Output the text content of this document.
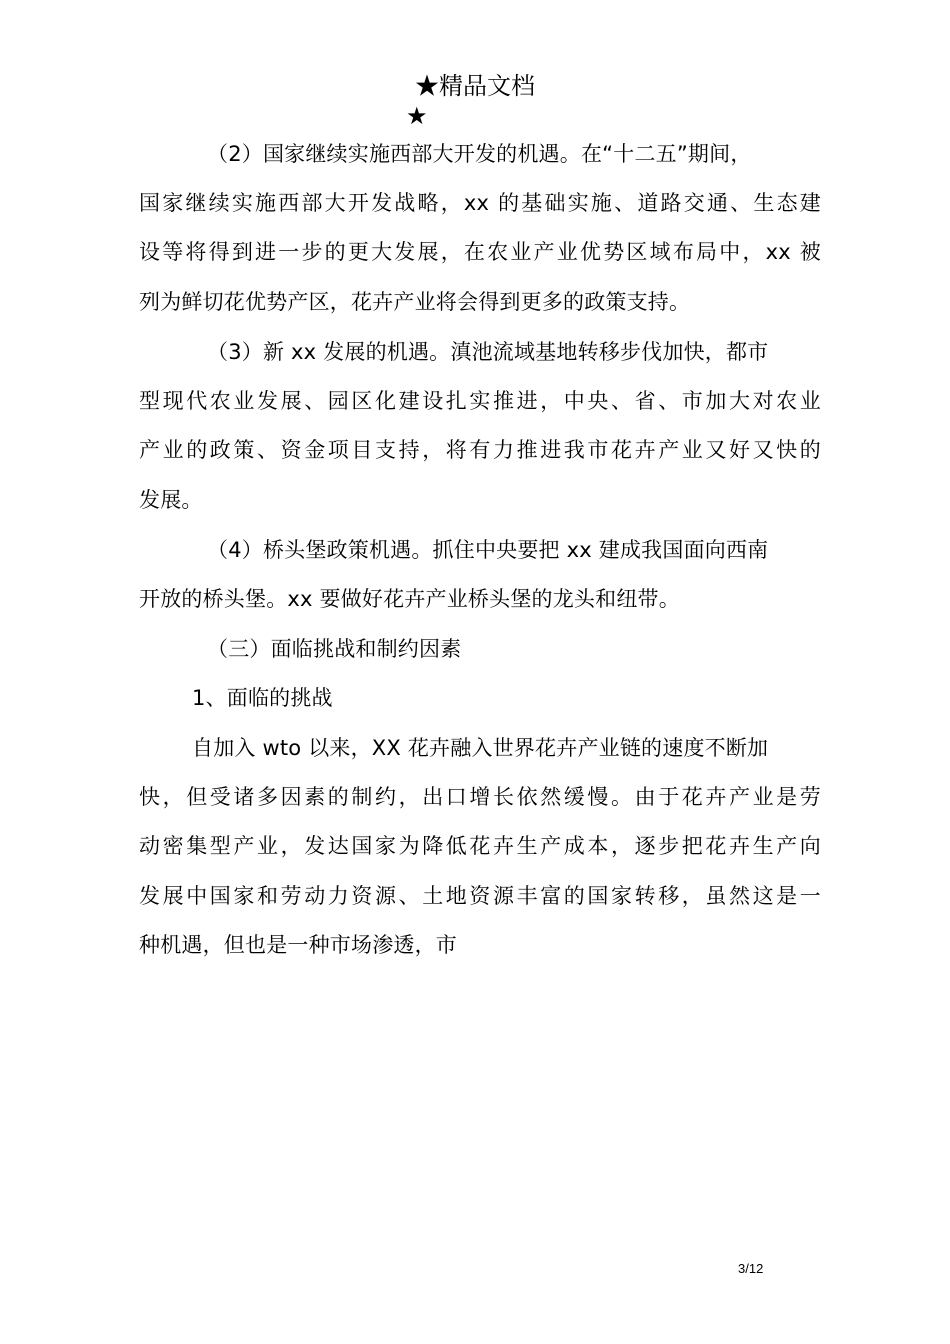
★精品文档
★
（2）国家继续实施西部大开发的机遇。在“十二五”期间，
国家继续实施西部大开发战略，xx 的基础实施、道路交通、生态建
设等将得到进一步的更大发展，在农业产业优势区域布局中，xx 被
列为鲜切花优势产区，花卉产业将会得到更多的政策支持。
（3）新 xx 发展的机遇。滇池流域基地转移步伐加快，都市
型现代农业发展、园区化建设扎实推进，中央、省、市加大对农业
产业的政策、资金项目支持，将有力推进我市花卉产业又好又快的
发展。
（4）桥头堡政策机遇。抓住中央要把 xx 建成我国面向西南
开放的桥头堡。xx 要做好花卉产业桥头堡的龙头和纽带。
（三）面临挑战和制约因素
1、面临的挑战
自加入 wto 以来，XX 花卉融入世界花卉产业链的速度不断加
快，但受诸多因素的制约，出口增长依然缓慢。由于花卉产业是劳
动密集型产业，发达国家为降低花卉生产成本，逐步把花卉生产向
发展中国家和劳动力资源、土地资源丰富的国家转移，虽然这是一
种机遇，但也是一种市场渗透，市
3/12
